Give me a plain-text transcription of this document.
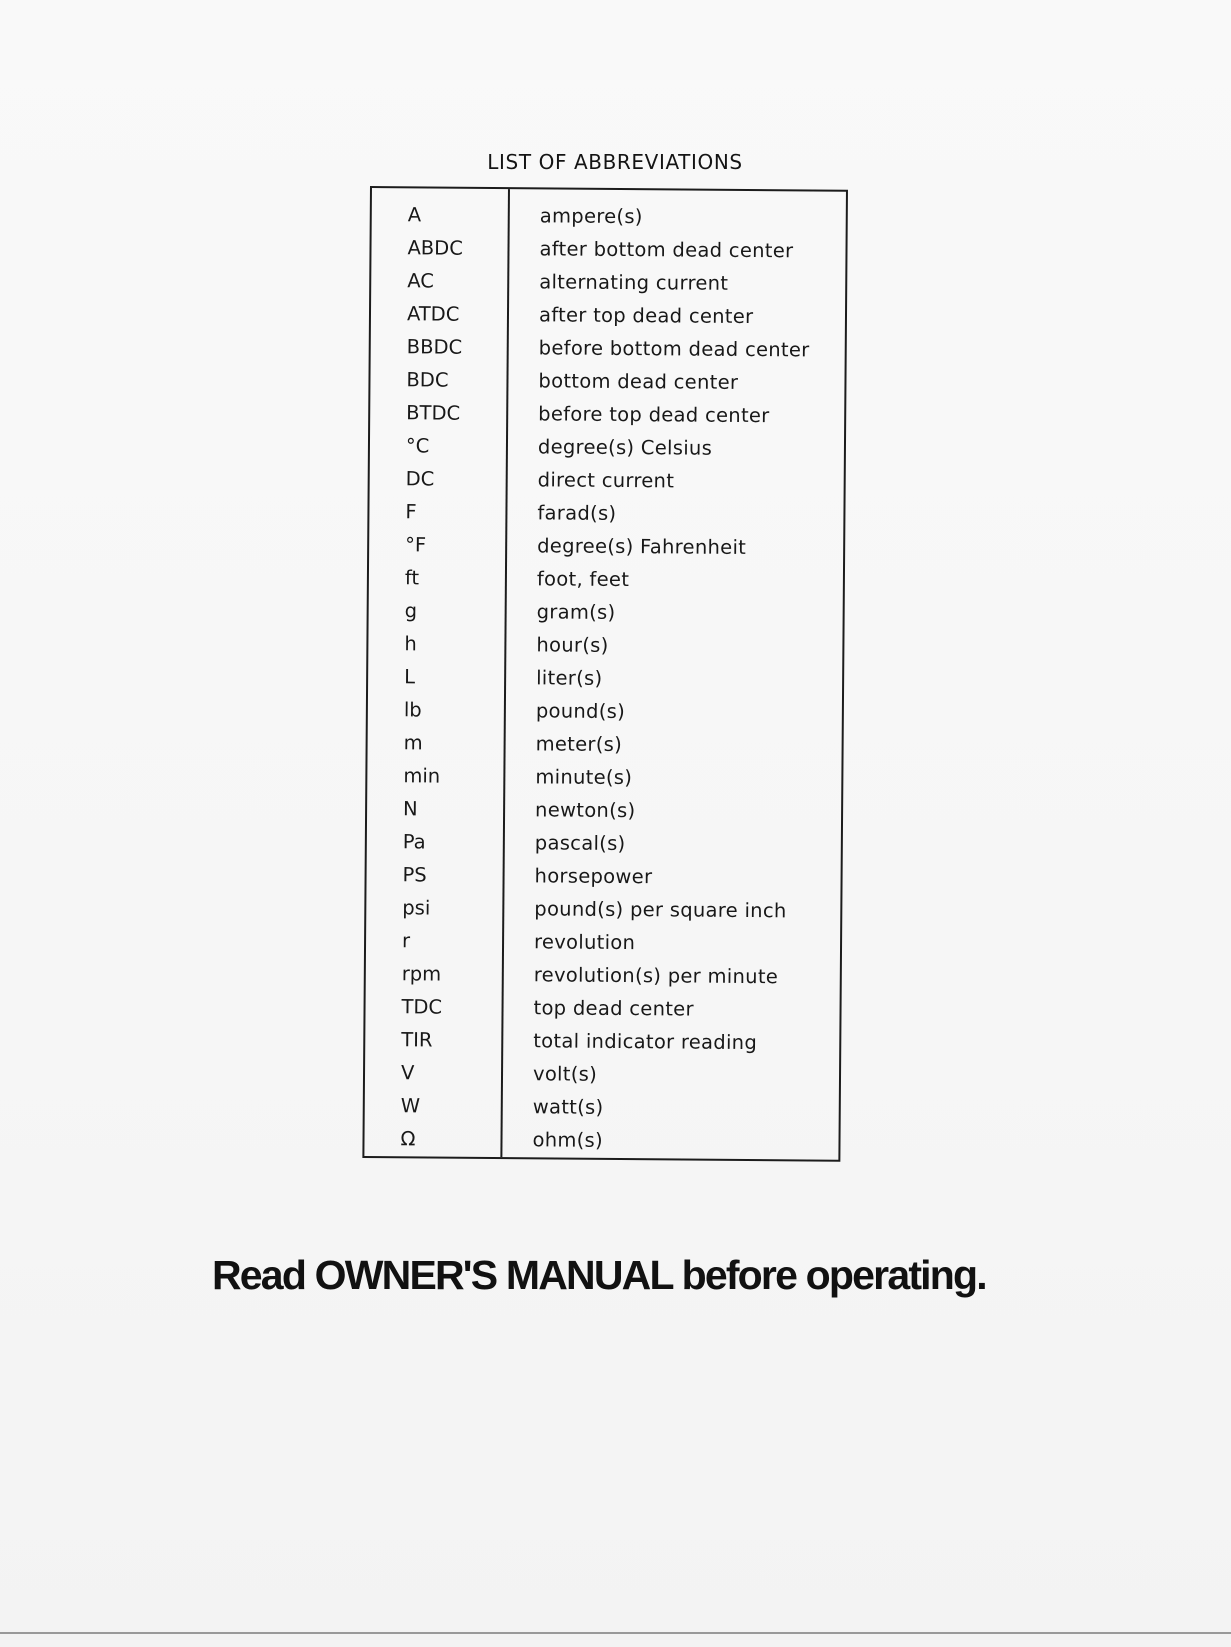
LIST OF ABBREVIATIONS
A	ampere(s)
ABDC	after bottom dead center
AC	alternating current
ATDC	after top dead center
BBDC	before bottom dead center
BDC	bottom dead center
BTDC	before top dead center
°C	degree(s) Celsius
DC	direct current
F	farad(s)
°F	degree(s) Fahrenheit
ft	foot, feet
g	gram(s)
h	hour(s)
L	liter(s)
lb	pound(s)
m	meter(s)
min	minute(s)
N	newton(s)
Pa	pascal(s)
PS	horsepower
psi	pound(s) per square inch
r	revolution
rpm	revolution(s) per minute
TDC	top dead center
TIR	total indicator reading
V	volt(s)
W	watt(s)
Ω	ohm(s)
Read OWNER'S MANUAL before operating.
